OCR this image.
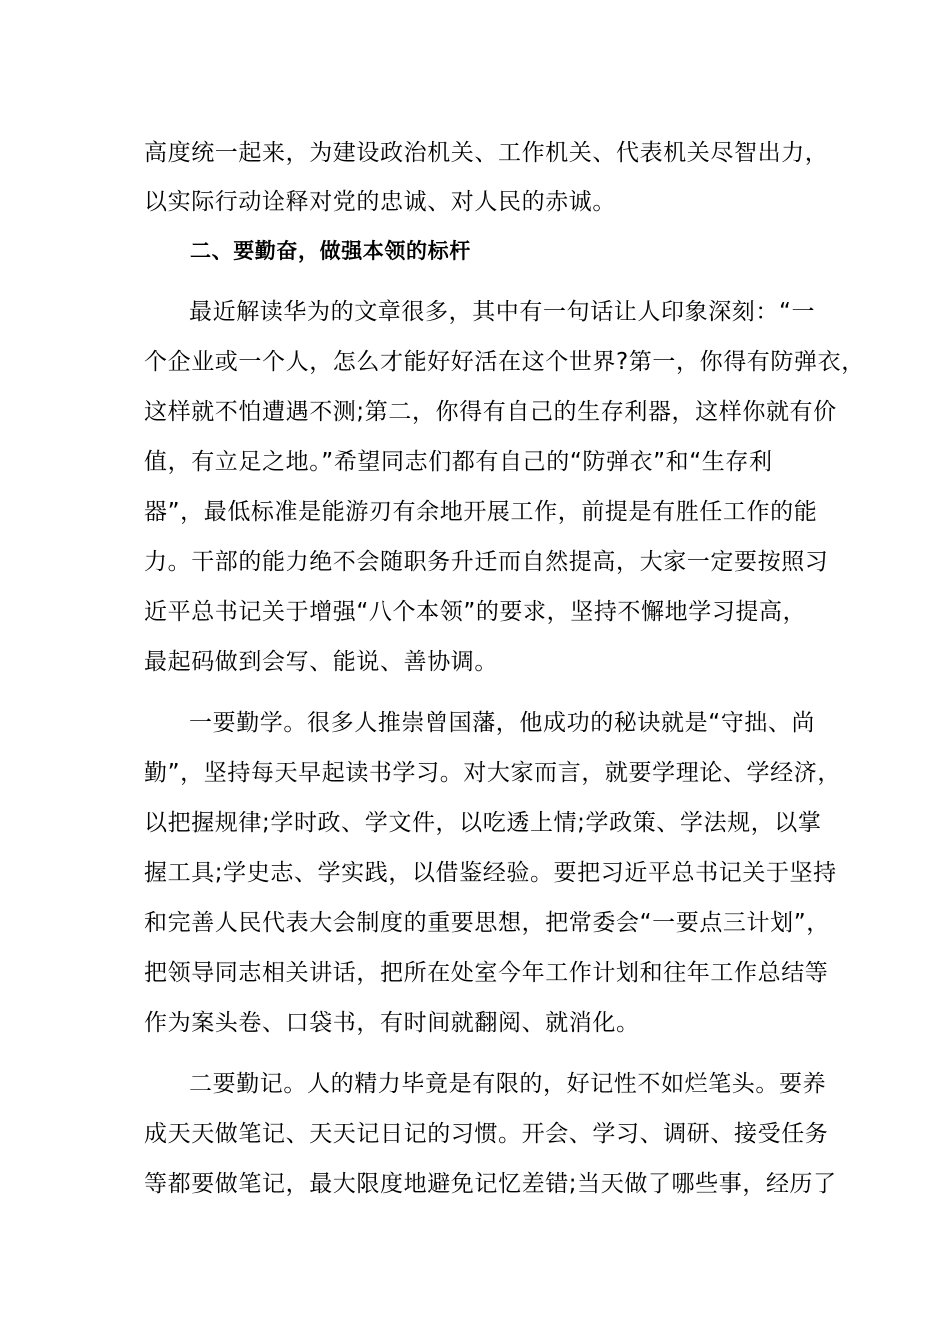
高度统一起来，为建设政治机关、工作机关、代表机关尽智出力，
以实际行动诠释对党的忠诚、对人民的赤诚。
二、要勤奋，做强本领的标杆
最近解读华为的文章很多，其中有一句话让人印象深刻：“一
个企业或一个人，怎么才能好好活在这个世界?第一，你得有防弹衣，
这样就不怕遭遇不测;第二，你得有自己的生存利器，这样你就有价
值，有立足之地。”希望同志们都有自己的“防弹衣”和“生存利
器”，最低标准是能游刃有余地开展工作，前提是有胜任工作的能
力。干部的能力绝不会随职务升迁而自然提高，大家一定要按照习
近平总书记关于增强“八个本领”的要求，坚持不懈地学习提高，
最起码做到会写、能说、善协调。
一要勤学。很多人推崇曾国藩，他成功的秘诀就是“守拙、尚
勤”，坚持每天早起读书学习。对大家而言，就要学理论、学经济，
以把握规律;学时政、学文件，以吃透上情;学政策、学法规，以掌
握工具;学史志、学实践，以借鉴经验。要把习近平总书记关于坚持
和完善人民代表大会制度的重要思想，把常委会“一要点三计划”，
把领导同志相关讲话，把所在处室今年工作计划和往年工作总结等
作为案头卷、口袋书，有时间就翻阅、就消化。
二要勤记。人的精力毕竟是有限的，好记性不如烂笔头。要养
成天天做笔记、天天记日记的习惯。开会、学习、调研、接受任务
等都要做笔记，最大限度地避免记忆差错;当天做了哪些事，经历了
